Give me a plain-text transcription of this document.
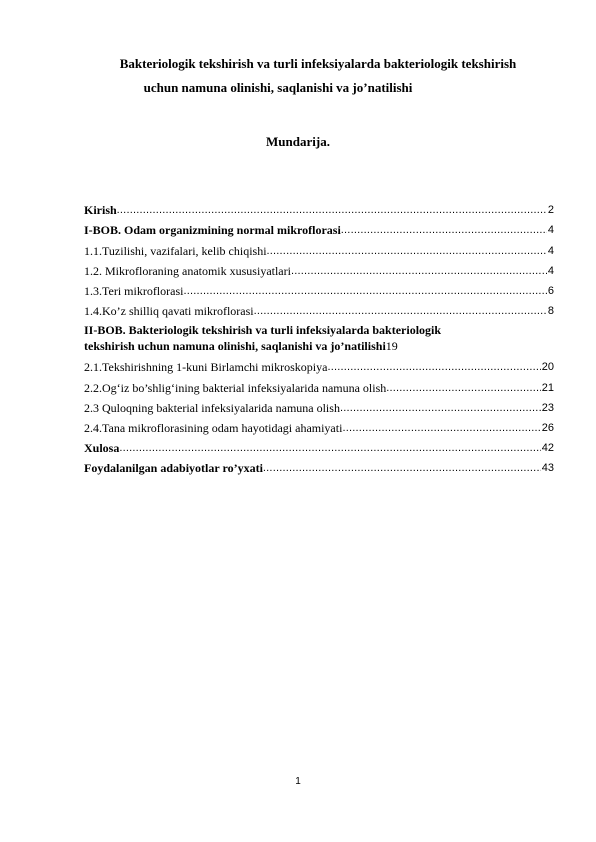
Bakteriologik tekshirish va turli infeksiyalarda bakteriologik tekshirish
uchun namuna olinishi, saqlanishi va jo’natilishi
Mundarija.
Kirish .....	2
I-BOB. Odam organizmining normal mikroflorasi .....	4
1.1.Tuzilishi, vazifalari, kelib chiqishi .....	4
1.2. Mikrofloraning anatomik xususiyatlari .....	4
1.3.Teri mikroflorasi .....	6
1.4.Ko’z shilliq qavati mikroflorasi .....	8
II-BOB. Bakteriologik tekshirish va turli infeksiyalarda bakteriologik
tekshirish uchun namuna olinishi, saqlanishi va jo’natilishi 19
2.1.Tekshirishning 1-kuni Birlamchi mikroskopiya .....	20
2.2.Og‘iz bo’shlig‘ining bakterial infeksiyalarida namuna olish .....	21
2.3 Quloqning bakterial infeksiyalarida namuna olish .....	23
2.4.Tana mikroflorasining odam hayotidagi ahamiyati .....	26
Xulosa .....	42
Foydalanilgan adabiyotlar ro’yxati .....	43
1
